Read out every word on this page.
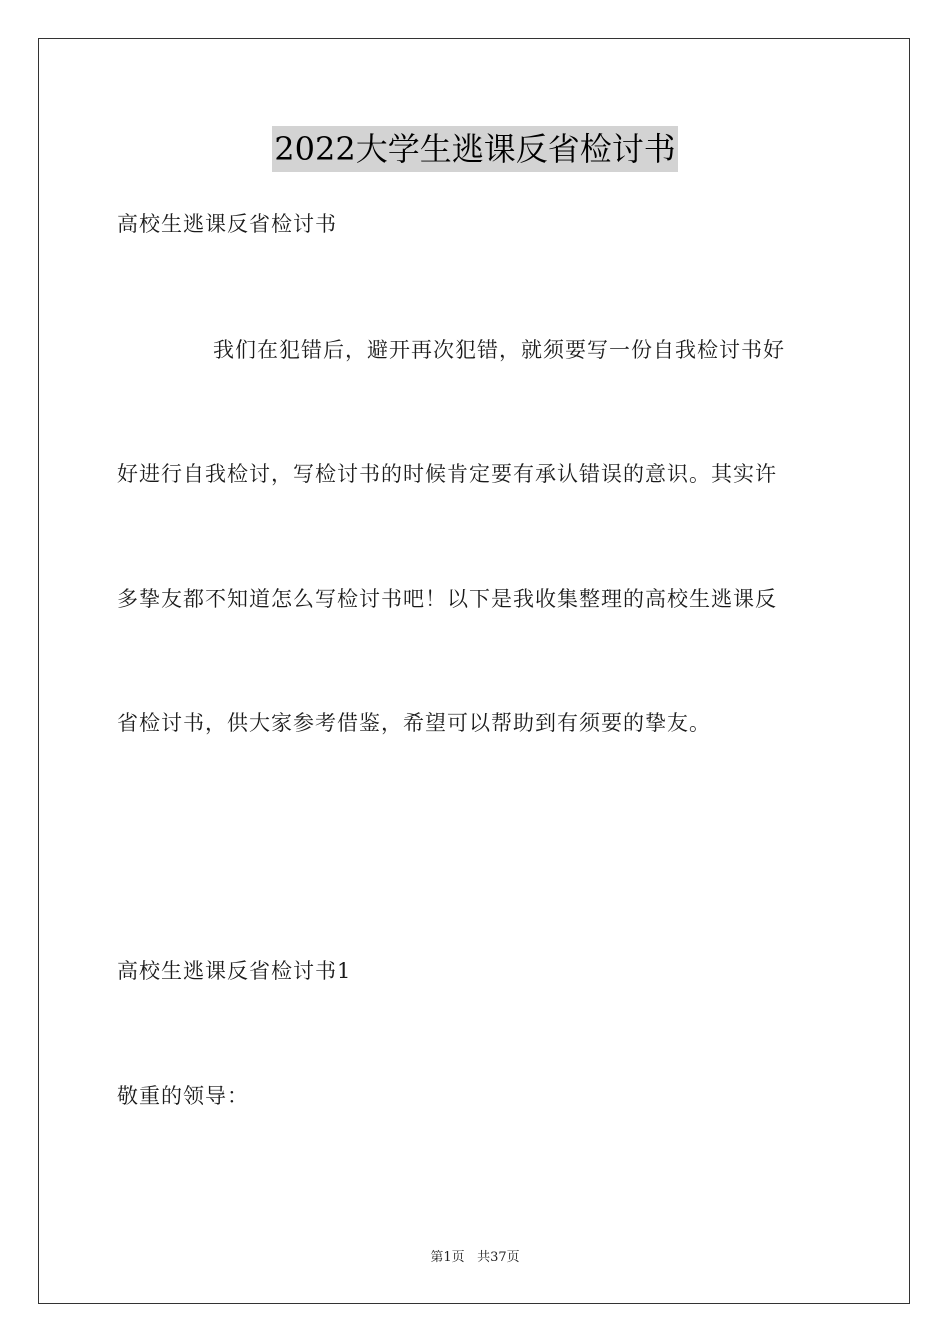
2022大学生逃课反省检讨书
高校生逃课反省检讨书
我们在犯错后，避开再次犯错，就须要写一份自我检讨书好
好进行自我检讨，写检讨书的时候肯定要有承认错误的意识。其实许
多挚友都不知道怎么写检讨书吧！以下是我收集整理的高校生逃课反
省检讨书，供大家参考借鉴，希望可以帮助到有须要的挚友。
高校生逃课反省检讨书1
敬重的领导：
第1页 共37页
